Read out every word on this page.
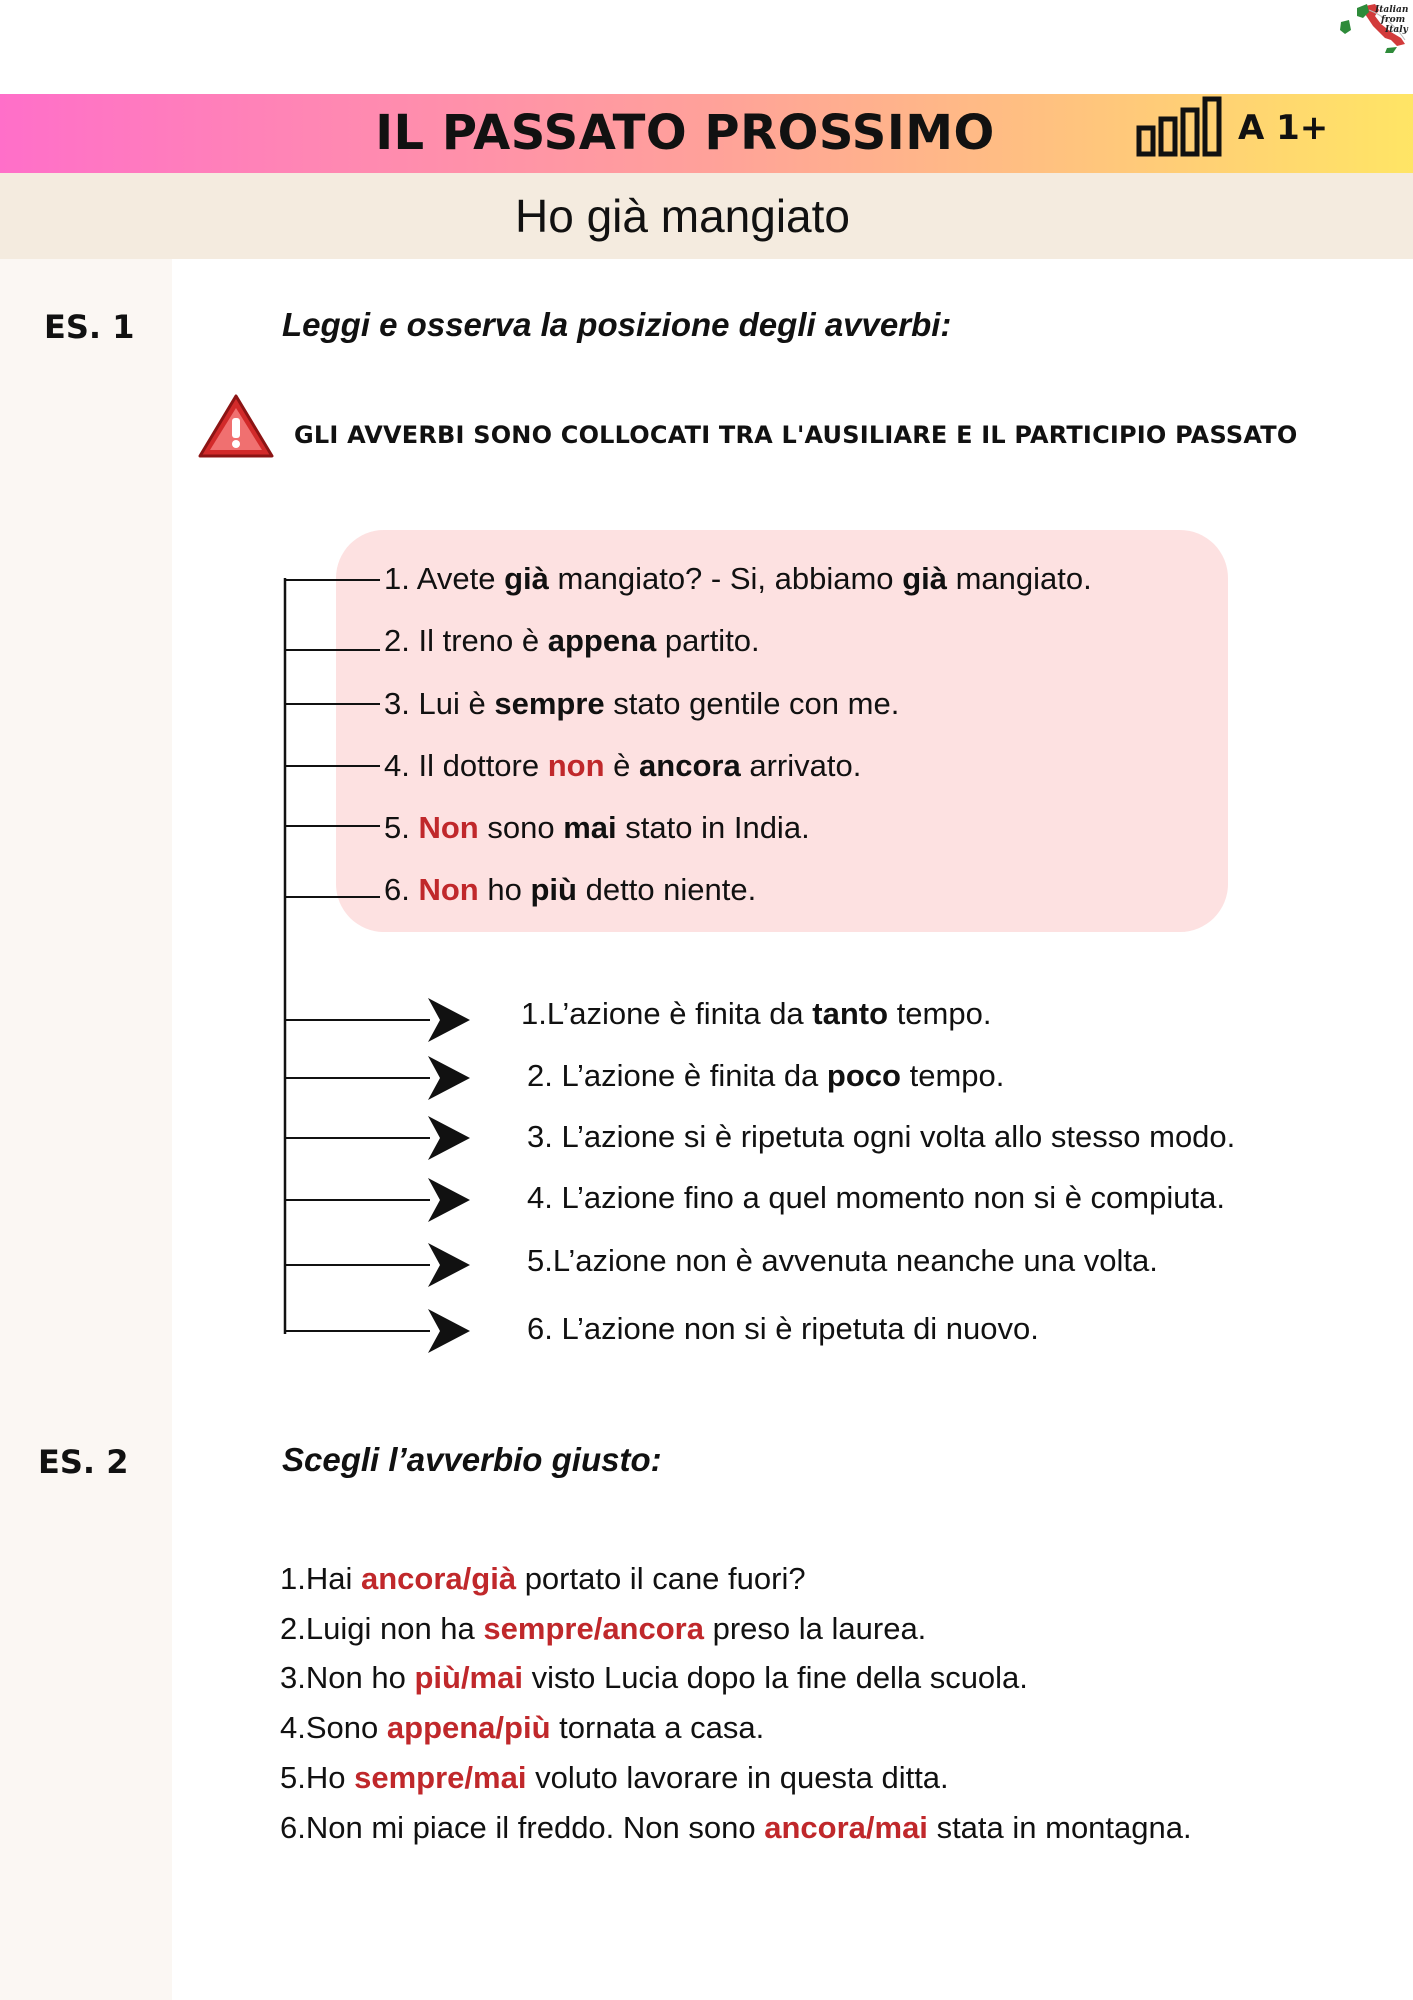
Italian
from
Italy
IL PASSATO PROSSIMO	A 1+
Ho già mangiato
ES. 1	Leggi e osserva la posizione degli avverbi:
GLI AVVERBI SONO COLLOCATI TRA L'AUSILIARE E IL PARTICIPIO PASSATO
1. Avete già mangiato? - Si, abbiamo già mangiato.
2. Il treno è appena partito.
3. Lui è sempre stato gentile con me.
4. Il dottore non è ancora arrivato.
5. Non sono mai stato in India.
6. Non ho più detto niente.
1.L’azione è finita da tanto tempo.
2. L’azione è finita da poco tempo.
3. L’azione si è ripetuta ogni volta allo stesso modo.
4. L’azione fino a quel momento non si è compiuta.
5.L’azione non è avvenuta neanche una volta.
6. L’azione non si è ripetuta di nuovo.
ES. 2	Scegli l’avverbio giusto:
1.Hai ancora/già portato il cane fuori?
2.Luigi non ha sempre/ancora preso la laurea.
3.Non ho più/mai visto Lucia dopo la fine della scuola.
4.Sono appena/più tornata a casa.
5.Ho sempre/mai voluto lavorare in questa ditta.
6.Non mi piace il freddo. Non sono ancora/mai stata in montagna.
